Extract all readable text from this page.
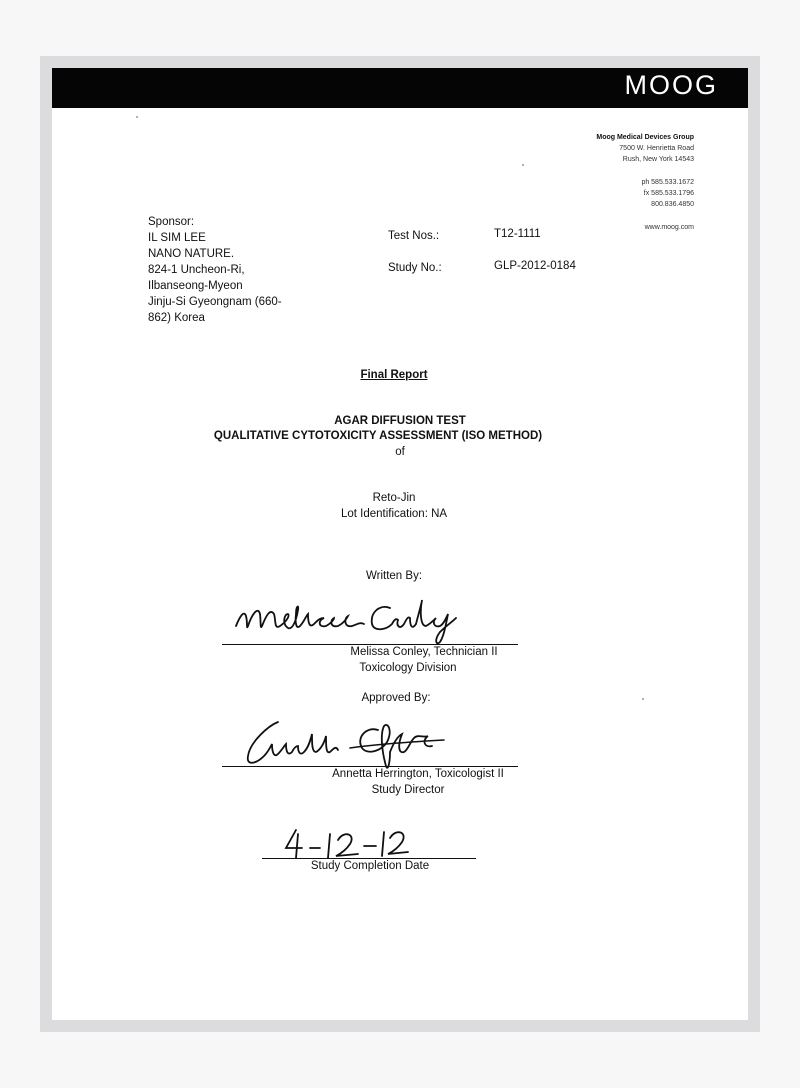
MOOG
Moog Medical Devices Group
7500 W. Henrietta Road
Rush, New York 14543
ph 585.533.1672
fx 585.533.1796
800.836.4850
www.moog.com
Sponsor:
IL SIM LEE
NANO NATURE.
824-1 Uncheon-Ri,
Ilbanseong-Myeon
Jinju-Si Gyeongnam (660-
862) Korea
Test Nos.:	T12-1111
Study No.:	GLP-2012-0184
Final Report
AGAR DIFFUSION TEST
QUALITATIVE CYTOTOXICITY ASSESSMENT (ISO METHOD)
of
Reto-Jin
Lot Identification: NA
Written By:
Melissa Conley, Technician II
Toxicology Division
Approved By:
Annetta Herrington, Toxicologist II
Study Director
Study Completion Date
